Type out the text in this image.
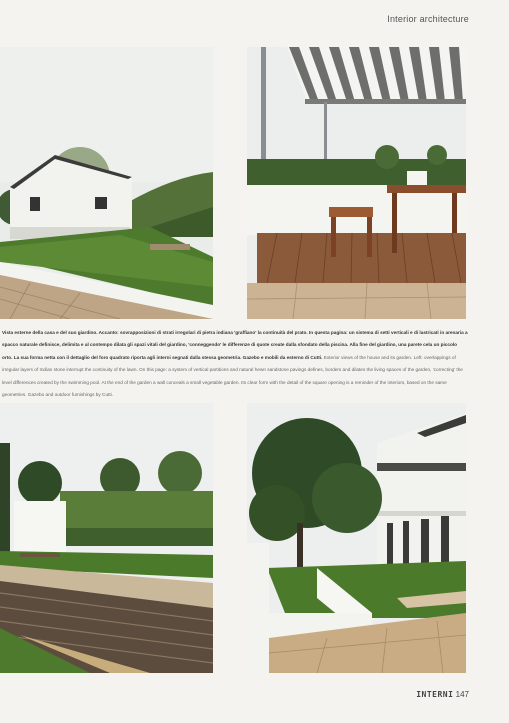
Interior architecture
Vista esterne della casa e del suo giardino. Accanto: sovrapposizioni di strati irregolari di pietra indiana 'graffiano' la continuità del prato. In questa pagina: un sistema di setti verticali e di lastricati in arenaria a spacco naturale definisce, delimita e al contempo dilata gli spazi vitali del giardino, 'conneggendo' le differenze di quote create dalla sfondato della piscina. Alla fine del giardino, una parete cela un piccolo orto. La sua forma netta con il dettaglio del foro quadrato riporta agli interni segnati dalla stessa geometria. Gazebo e mobili da esterno di Cutti. Exterior views of the house and its garden. Left: overlappings of irregular layers of Indian stone interrupt the continuity of the lawn. On this page: a system of vertical partitions and natural hewn sandstone pavings defines, borders and dilates the living spaces of the garden, 'correcting' the level differences created by the swimming pool. At the end of the garden a wall conceals a small vegetable garden. Its clear form with the detail of the square opening is a reminder of the interiors, based on the same geometries. Gazebo and outdoor furnishings by Cutti.
INTERNI 147
